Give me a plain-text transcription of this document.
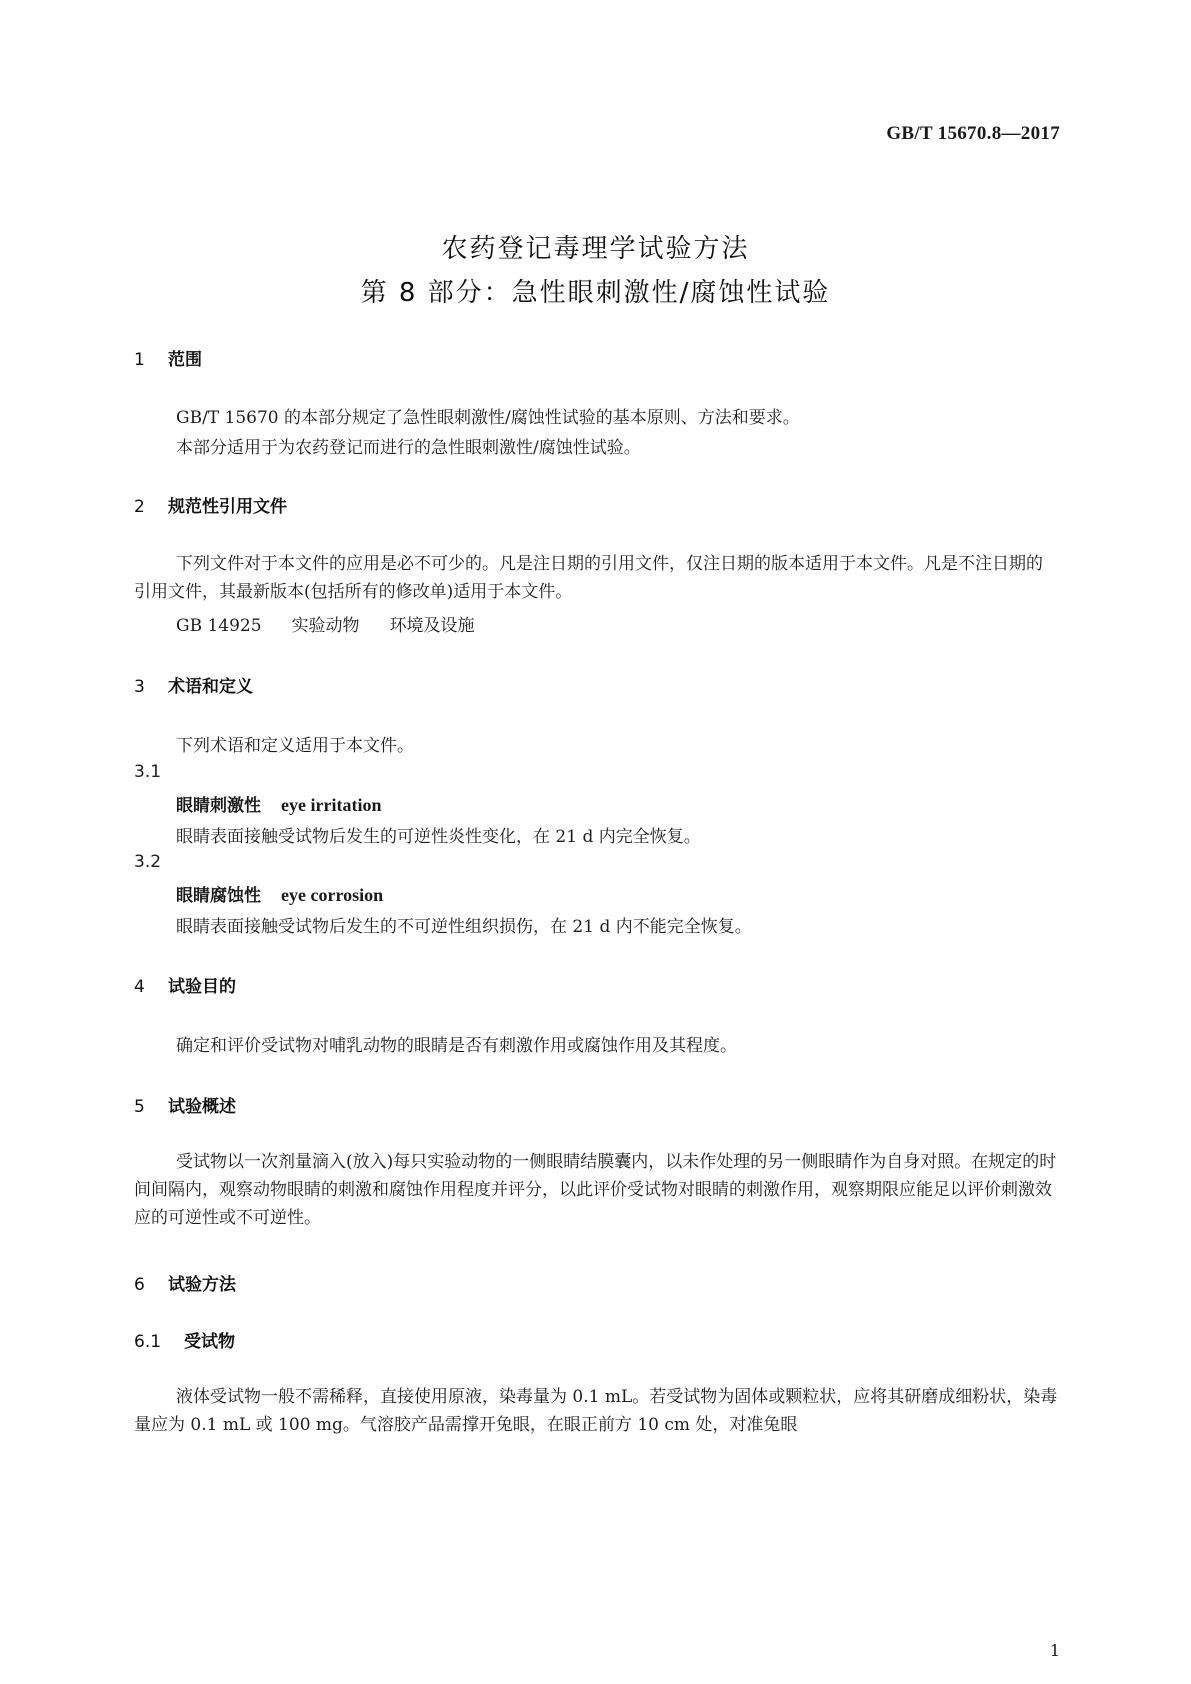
GB/T 15670.8—2017
农药登记毒理学试验方法
第 8 部分：急性眼刺激性/腐蚀性试验
1 范围
GB/T 15670 的本部分规定了急性眼刺激性/腐蚀性试验的基本原则、方法和要求。
本部分适用于为农药登记而进行的急性眼刺激性/腐蚀性试验。
2 规范性引用文件
下列文件对于本文件的应用是必不可少的。凡是注日期的引用文件，仅注日期的版本适用于本文件。凡是不注日期的引用文件，其最新版本(包括所有的修改单)适用于本文件。
GB 14925 实验动物 环境及设施
3 术语和定义
下列术语和定义适用于本文件。
3.1
眼睛刺激性 eye irritation
眼睛表面接触受试物后发生的可逆性炎性变化，在 21 d 内完全恢复。
3.2
眼睛腐蚀性 eye corrosion
眼睛表面接触受试物后发生的不可逆性组织损伤，在 21 d 内不能完全恢复。
4 试验目的
确定和评价受试物对哺乳动物的眼睛是否有刺激作用或腐蚀作用及其程度。
5 试验概述
受试物以一次剂量滴入(放入)每只实验动物的一侧眼睛结膜囊内，以未作处理的另一侧眼睛作为自身对照。在规定的时间间隔内，观察动物眼睛的刺激和腐蚀作用程度并评分，以此评价受试物对眼睛的刺激作用，观察期限应能足以评价刺激效应的可逆性或不可逆性。
6 试验方法
6.1 受试物
液体受试物一般不需稀释，直接使用原液，染毒量为 0.1 mL。若受试物为固体或颗粒状，应将其研磨成细粉状，染毒量应为 0.1 mL 或 100 mg。气溶胶产品需撑开兔眼，在眼正前方 10 cm 处，对准兔眼
1
